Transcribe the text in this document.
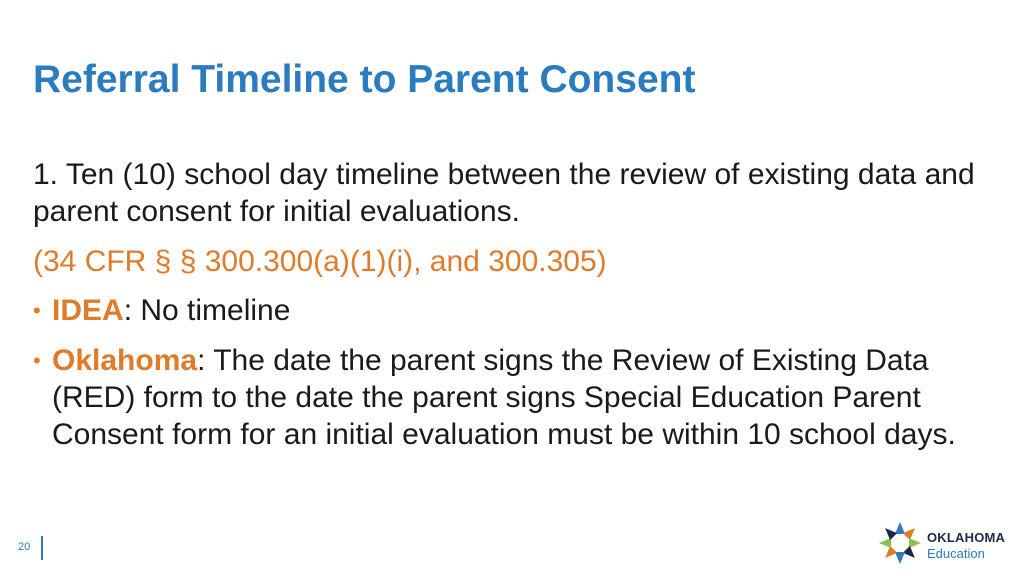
Referral Timeline to Parent Consent
1. Ten (10) school day timeline between the review of existing data and parent consent for initial evaluations.
(34 CFR § § 300.300(a)(1)(i), and 300.305)
• IDEA: No timeline
• Oklahoma: The date the parent signs the Review of Existing Data (RED) form to the date the parent signs Special Education Parent Consent form for an initial evaluation must be within 10 school days.
20
OKLAHOMA
Education
